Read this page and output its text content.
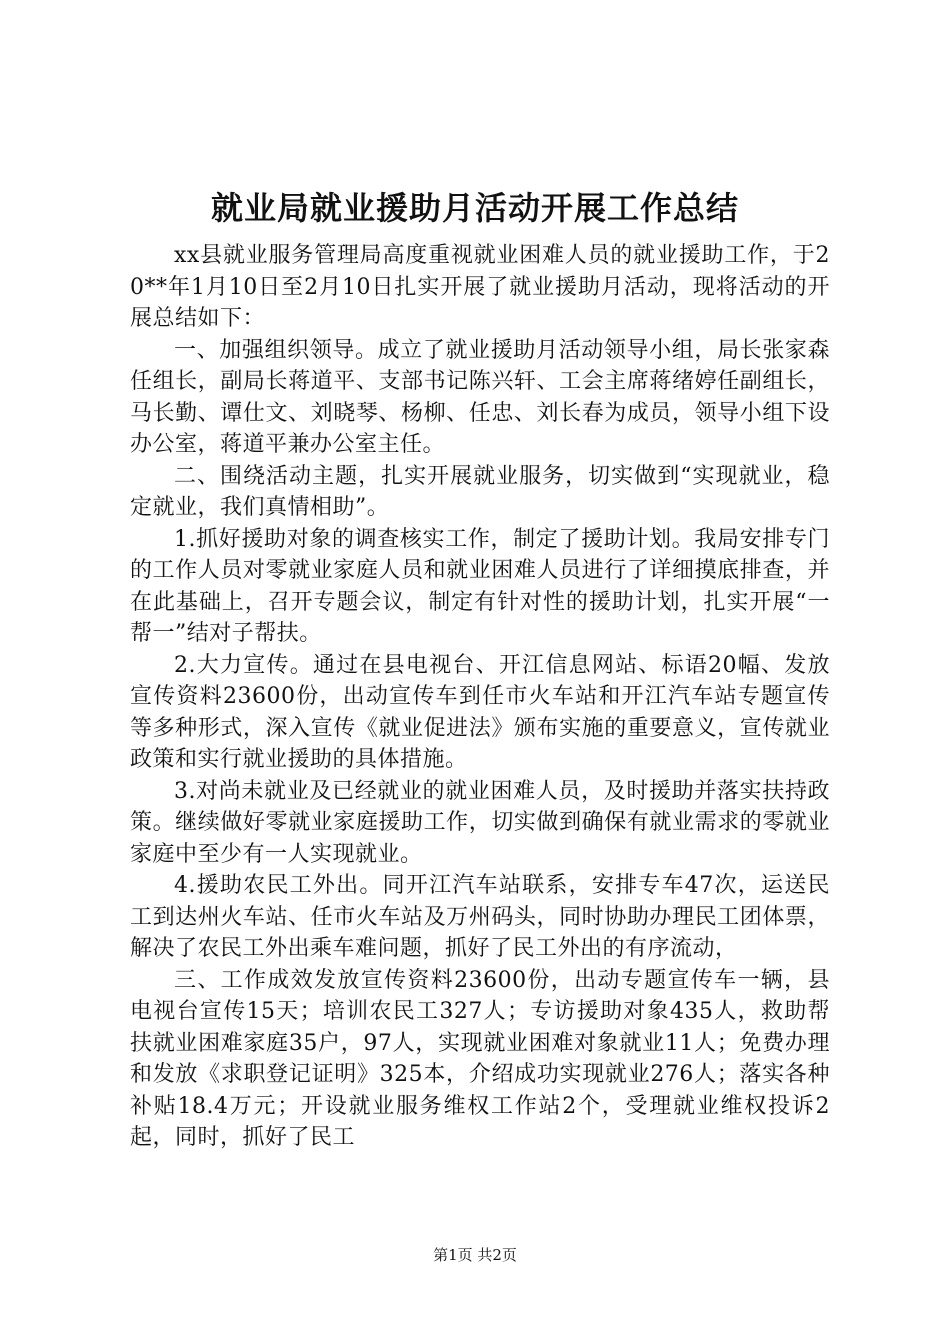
就业局就业援助月活动开展工作总结

xx县就业服务管理局高度重视就业困难人员的就业援助工作，于20**年1月10日至2月10日扎实开展了就业援助月活动，现将活动的开展总结如下：

一、加强组织领导。成立了就业援助月活动领导小组，局长张家森任组长，副局长蒋道平、支部书记陈兴轩、工会主席蒋绪婷任副组长，马长勤、谭仕文、刘晓琴、杨柳、任忠、刘长春为成员，领导小组下设办公室，蒋道平兼办公室主任。

二、围绕活动主题，扎实开展就业服务，切实做到“实现就业，稳定就业，我们真情相助”。

1.抓好援助对象的调查核实工作，制定了援助计划。我局安排专门的工作人员对零就业家庭人员和就业困难人员进行了详细摸底排查，并在此基础上，召开专题会议，制定有针对性的援助计划，扎实开展“一帮一”结对子帮扶。

2.大力宣传。通过在县电视台、开江信息网站、标语20幅、发放宣传资料23600份，出动宣传车到任市火车站和开江汽车站专题宣传等多种形式，深入宣传《就业促进法》颁布实施的重要意义，宣传就业政策和实行就业援助的具体措施。

3.对尚未就业及已经就业的就业困难人员，及时援助并落实扶持政策。继续做好零就业家庭援助工作，切实做到确保有就业需求的零就业家庭中至少有一人实现就业。

4.援助农民工外出。同开江汽车站联系，安排专车47次，运送民工到达州火车站、任市火车站及万州码头，同时协助办理民工团体票，解决了农民工外出乘车难问题，抓好了民工外出的有序流动，

三、工作成效发放宣传资料23600份，出动专题宣传车一辆，县电视台宣传15天；培训农民工327人；专访援助对象435人，救助帮扶就业困难家庭35户，97人，实现就业困难对象就业11人；免费办理和发放《求职登记证明》325本，介绍成功实现就业276人；落实各种补贴18.4万元；开设就业服务维权工作站2个，受理就业维权投诉2起，同时，抓好了民工

第1页 共2页
